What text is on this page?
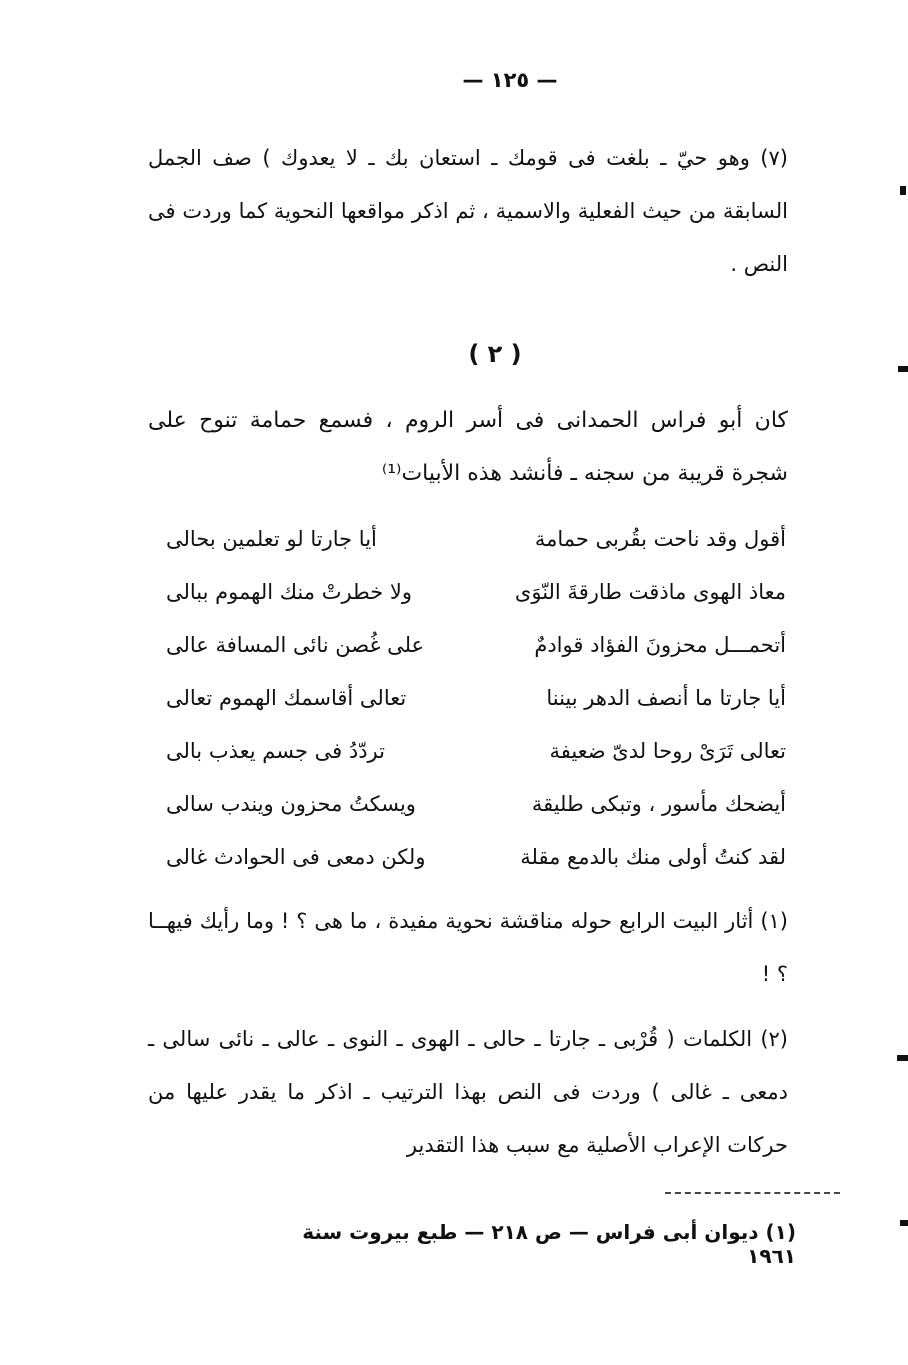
— ١٢٥ —
(٧) وهو حيّ ـ بلغت فى قومك ـ استعان بك ـ لا يعدوك ) صف الجمل السابقة من حيث الفعلية والاسمية ، ثم اذكر مواقعها النحوية كما وردت فى النص .
( ٢ )
كان أبو فراس الحمدانى فى أسر الروم ، فسمع حمامة تنوح على شجرة قريبة من سجنه ـ فأنشد هذه الأبيات⁽¹⁾
أقول وقد ناحت بقُربى حمامة
أيا جارتا لو تعلمين بحالى
معاذ الهوى ماذقت طارقةَ النّوَى
ولا خطرتْ منك الهموم ببالى
أتحمـــل محزونَ الفؤاد قوادمٌ
على غُصن نائى المسافة عالى
أيا جارتا ما أنصف الدهر بيننا
تعالى أقاسمك الهموم تعالى
تعالى تَرَىْ روحا لدىّ ضعيفة
تردّدُ فى جسم يعذب بالى
أيضحك مأسور ، وتبكى طليقة
ويسكتُ محزون ويندب سالى
لقد كنتُ أولى منك بالدمع مقلة
ولكن دمعى فى الحوادث غالى
(١) أثار البيت الرابع حوله مناقشة نحوية مفيدة ، ما هى ؟ ! وما رأيك فيهــا ؟ !
(٢) الكلمات ( قُرْبى ـ جارتا ـ حالى ـ الهوى ـ النوى ـ عالى ـ نائى سالى ـ دمعى ـ غالى ) وردت فى النص بهذا الترتيب ـ اذكر ما يقدر عليها من حركات الإعراب الأصلية مع سبب هذا التقدير
(١) ديوان أبى فراس — ص ٢١٨ — طبع بيروت سنة ١٩٦١
